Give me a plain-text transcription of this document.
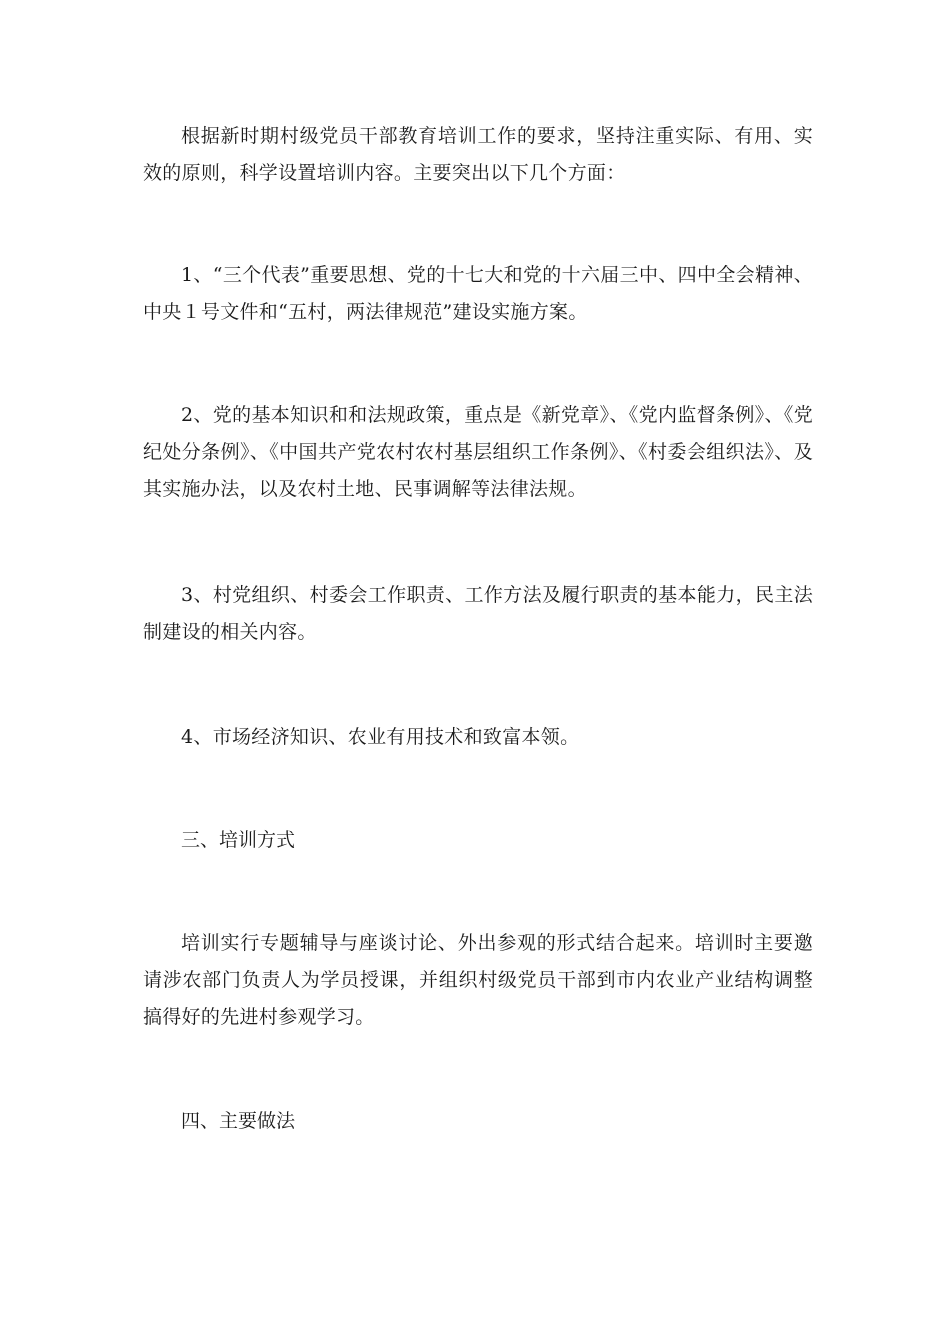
根据新时期村级党员干部教育培训工作的要求，坚持注重实际、有用、实效的原则，科学设置培训内容。主要突出以下几个方面：

1、“三个代表”重要思想、党的十七大和党的十六届三中、四中全会精神、中央１号文件和“五村，两法律规范”建设实施方案。

2、党的基本知识和和法规政策，重点是《新党章》、《党内监督条例》、《党纪处分条例》、《中国共产党农村农村基层组织工作条例》、《村委会组织法》、及其实施办法，以及农村土地、民事调解等法律法规。

3、村党组织、村委会工作职责、工作方法及履行职责的基本能力，民主法制建设的相关内容。

4、市场经济知识、农业有用技术和致富本领。

三、培训方式

培训实行专题辅导与座谈讨论、外出参观的形式结合起来。培训时主要邀请涉农部门负责人为学员授课，并组织村级党员干部到市内农业产业结构调整搞得好的先进村参观学习。

四、主要做法
